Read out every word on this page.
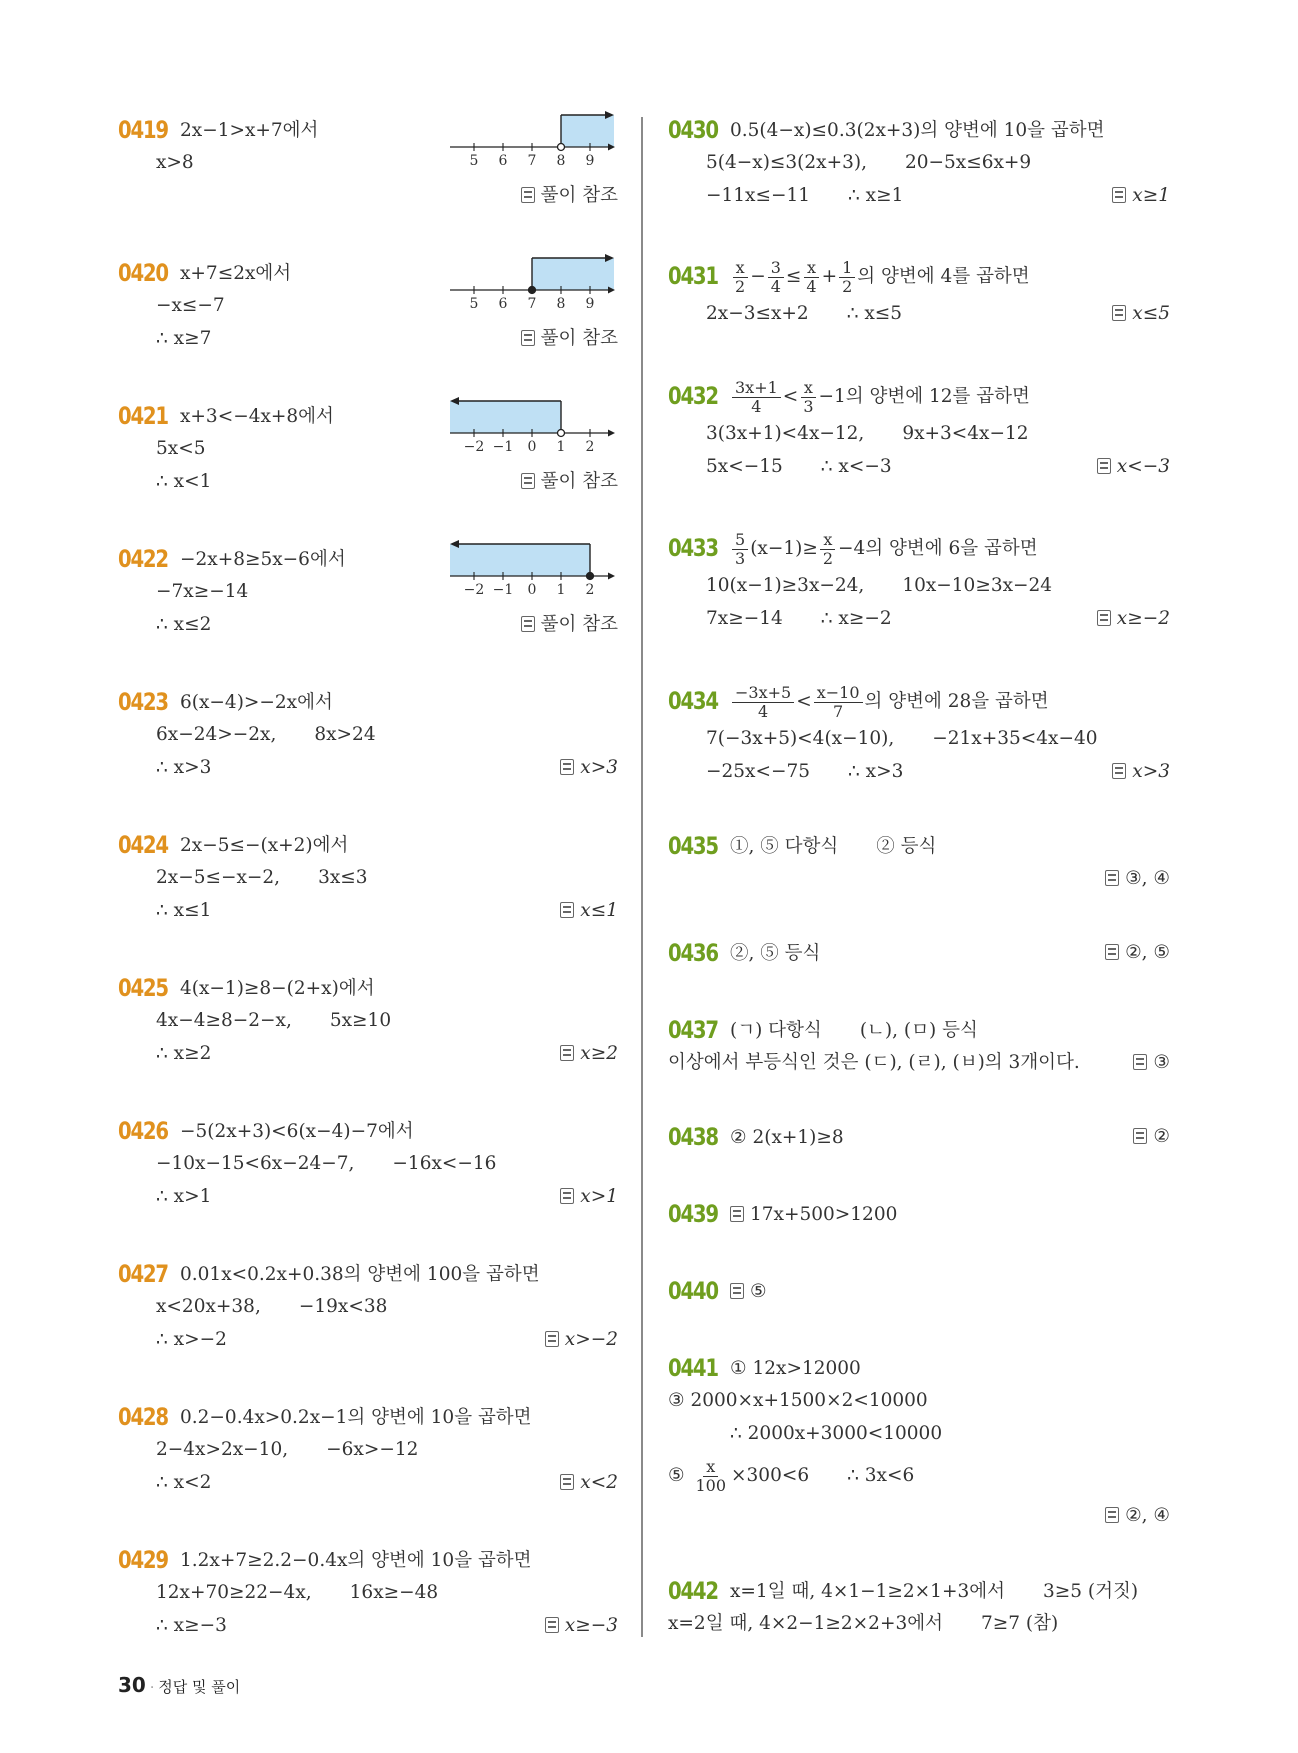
0419 2x−1>x+7에서
x>8	5 6 7 8 9
풀이 참조
0420 x+7≤2x에서
−x≤−7
∴ x≥7
5 6 7 8 9
풀이 참조
0421 x+3<−4x+8에서
5x<5
∴ x<1
−2 −1 0 1 2
풀이 참조
0422 −2x+8≥5x−6에서
−7x≥−14
∴ x≤2
−2 −1 0 1 2
풀이 참조
0423 6(x−4)>−2x에서
6x−24>−2x, 8x>24
∴ x>3	x>3
0424 2x−5≤−(x+2)에서
2x−5≤−x−2, 3x≤3
∴ x≤1	x≤1
0425 4(x−1)≥8−(2+x)에서
4x−4≥8−2−x, 5x≥10
∴ x≥2	x≥2
0426 −5(2x+3)<6(x−4)−7에서
−10x−15<6x−24−7, −16x<−16
∴ x>1	x>1
0427 0.01x<0.2x+0.38의 양변에 100을 곱하면
x<20x+38, −19x<38
∴ x>−2	x>−2
0428 0.2−0.4x>0.2x−1의 양변에 10을 곱하면
2−4x>2x−10, −6x>−12
∴ x<2	x<2
0429 1.2x+7≥2.2−0.4x의 양변에 10을 곱하면
12x+70≥22−4x, 16x≥−48
∴ x≥−3	x≥−3
0430 0.5(4−x)≤0.3(2x+3)의 양변에 10을 곱하면
5(4−x)≤3(2x+3), 20−5x≤6x+9
−11x≤−11 ∴ x≥1	x≥1
$0431 \frac{x}{2} - \frac{3}{4} \le \frac{x}{4} + \frac{1}{2}$ 의 양변에 4를 곱하면
2x−3≤x+2 ∴ x≤5	x≤5
$0432 \frac{3x+1}{4} < \frac{x}{3} -1$의 양변에 12를 곱하면
3(3x+1)<4x−12, 9x+3<4x−12
5x<−15 ∴ x<−3	x<−3
$0433 \frac{5}{3} (x-1)\ge \frac{x}{2} -4$의 양변에 6을 곱하면
10(x−1)≥3x−24, 10x−10≥3x−24
7x≥−14 ∴ x≥−2	x≥−2
$0434 \frac{-3x+5}{4} < \frac{x-10}{7}$ 의 양변에 28을 곱하면
7(−3x+5)<4(x−10), −21x+35<4x−40
−25x<−75 ∴ x>3	x>3
0435 ①, ⑤ 다항식 ② 등식
③, ④
0436 ②, ⑤ 등식	②, ⑤
0437 (ㄱ) 다항식 (ㄴ), (ㅁ) 등식
이상에서 부등식인 것은 (ㄷ), (ㄹ), (ㅂ)의 3개이다.	③
0438 ② 2(x+1)≥8	②
0439 17x+500>1200
0440 ⑤
0441 ① 12x>12000
③ 2000×x+1500×2<10000
∴ 2000x+3000<10000
⑤ $\frac{x}{100} \times 300<6$ ∴ 3x<6
②, ④
0442 x=1일 때, 4×1−1≥2×1+3에서 3≥5 (거짓)
x=2일 때, 4×2−1≥2×2+3에서 7≥7 (참)
30 · 정답 및 풀이
